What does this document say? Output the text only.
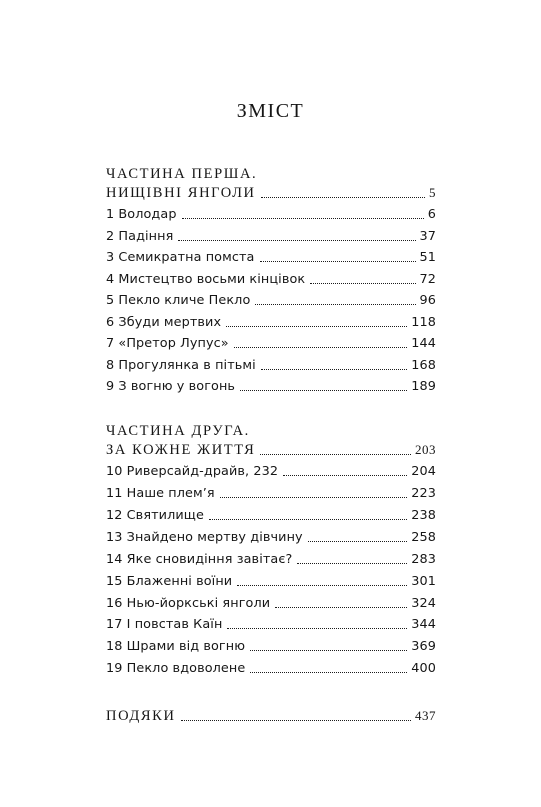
ЗМІСТ
ЧАСТИНА ПЕРША.
НИЩІВНІ ЯНГОЛИ	5
1 Володар	6
2 Падіння	37
3 Семикратна помста	51
4 Мистецтво восьми кінцівок	72
5 Пекло кличе Пекло	96
6 Збуди мертвих	118
7 «Претор Лупус»	144
8 Прогулянка в пітьмі	168
9 З вогню у вогонь	189
ЧАСТИНА ДРУГА.
ЗА КОЖНЕ ЖИТТЯ	203
10 Риверсайд-драйв, 232	204
11 Наше плем’я	223
12 Святилище	238
13 Знайдено мертву дівчину	258
14 Яке сновидіння завітає?	283
15 Блаженні воїни	301
16 Нью-йоркські янголи	324
17 І повстав Каїн	344
18 Шрами від вогню	369
19 Пекло вдоволене	400
ПОДЯКИ	437
